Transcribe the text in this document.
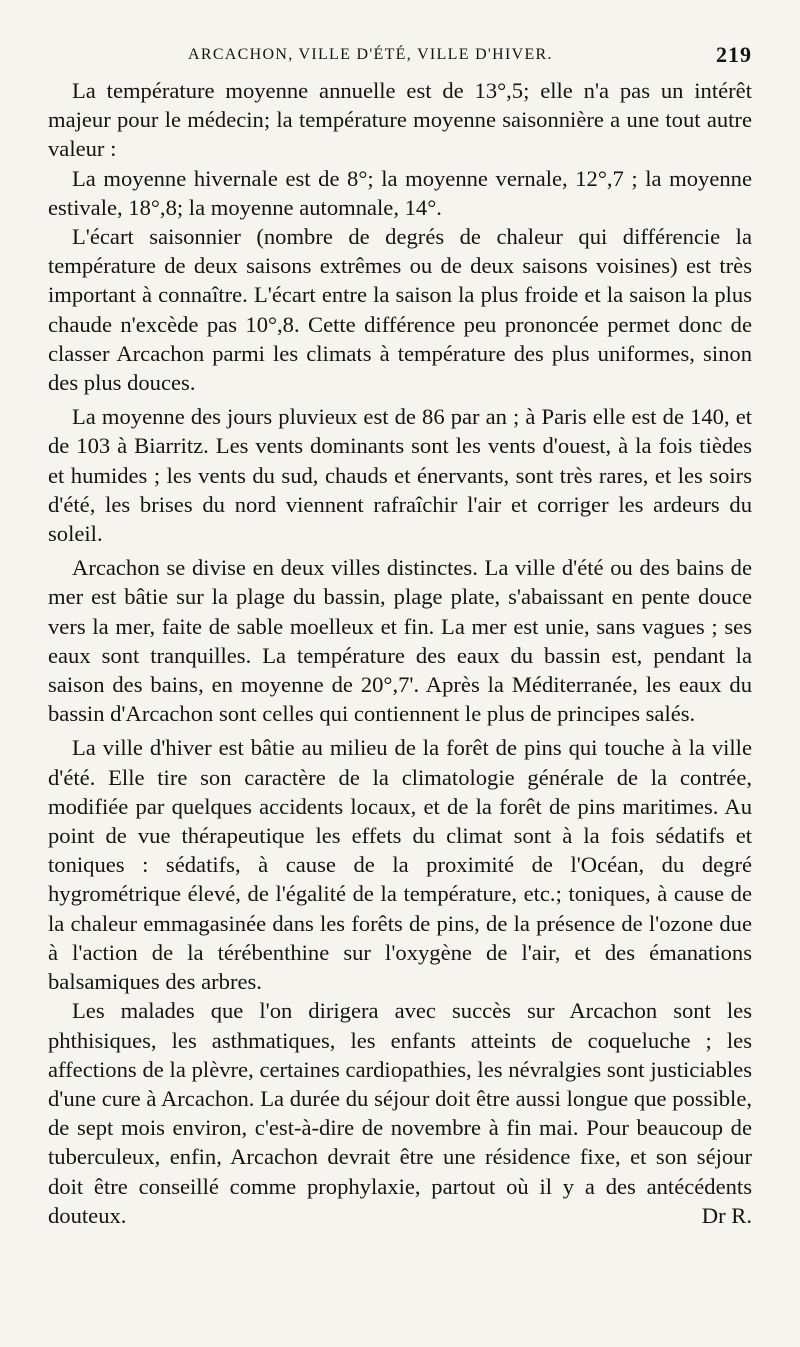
ARCACHON, VILLE D'ÉTÉ, VILLE D'HIVER.	219

La température moyenne annuelle est de 13°,5; elle n'a pas un intérêt majeur pour le médecin; la température moyenne saisonnière a une tout autre valeur :

La moyenne hivernale est de 8°; la moyenne vernale, 12°,7 ; la moyenne estivale, 18°,8; la moyenne automnale, 14°.

L'écart saisonnier (nombre de degrés de chaleur qui différencie la température de deux saisons extrêmes ou de deux saisons voisines) est très important à connaître. L'écart entre la saison la plus froide et la saison la plus chaude n'excède pas 10°,8. Cette différence peu prononcée permet donc de classer Arcachon parmi les climats à température des plus uniformes, sinon des plus douces.

La moyenne des jours pluvieux est de 86 par an ; à Paris elle est de 140, et de 103 à Biarritz. Les vents dominants sont les vents d'ouest, à la fois tièdes et humides ; les vents du sud, chauds et énervants, sont très rares, et les soirs d'été, les brises du nord viennent rafraîchir l'air et corriger les ardeurs du soleil.

Arcachon se divise en deux villes distinctes. La ville d'été ou des bains de mer est bâtie sur la plage du bassin, plage plate, s'abaissant en pente douce vers la mer, faite de sable moelleux et fin. La mer est unie, sans vagues ; ses eaux sont tranquilles. La température des eaux du bassin est, pendant la saison des bains, en moyenne de 20°,7'. Après la Méditerranée, les eaux du bassin d'Arcachon sont celles qui contiennent le plus de principes salés.

La ville d'hiver est bâtie au milieu de la forêt de pins qui touche à la ville d'été. Elle tire son caractère de la climatologie générale de la contrée, modifiée par quelques accidents locaux, et de la forêt de pins maritimes. Au point de vue thérapeutique les effets du climat sont à la fois sédatifs et toniques : sédatifs, à cause de la proximité de l'Océan, du degré hygrométrique élevé, de l'égalité de la température, etc.; toniques, à cause de la chaleur emmagasinée dans les forêts de pins, de la présence de l'ozone due à l'action de la térébenthine sur l'oxygène de l'air, et des émanations balsamiques des arbres.

Les malades que l'on dirigera avec succès sur Arcachon sont les phthisiques, les asthmatiques, les enfants atteints de coqueluche ; les affections de la plèvre, certaines cardiopathies, les névralgies sont justiciables d'une cure à Arcachon. La durée du séjour doit être aussi longue que possible, de sept mois environ, c'est-à-dire de novembre à fin mai. Pour beaucoup de tuberculeux, enfin, Arcachon devrait être une résidence fixe, et son séjour doit être conseillé comme prophylaxie, partout où il y a des antécédents douteux.	Dr R.
